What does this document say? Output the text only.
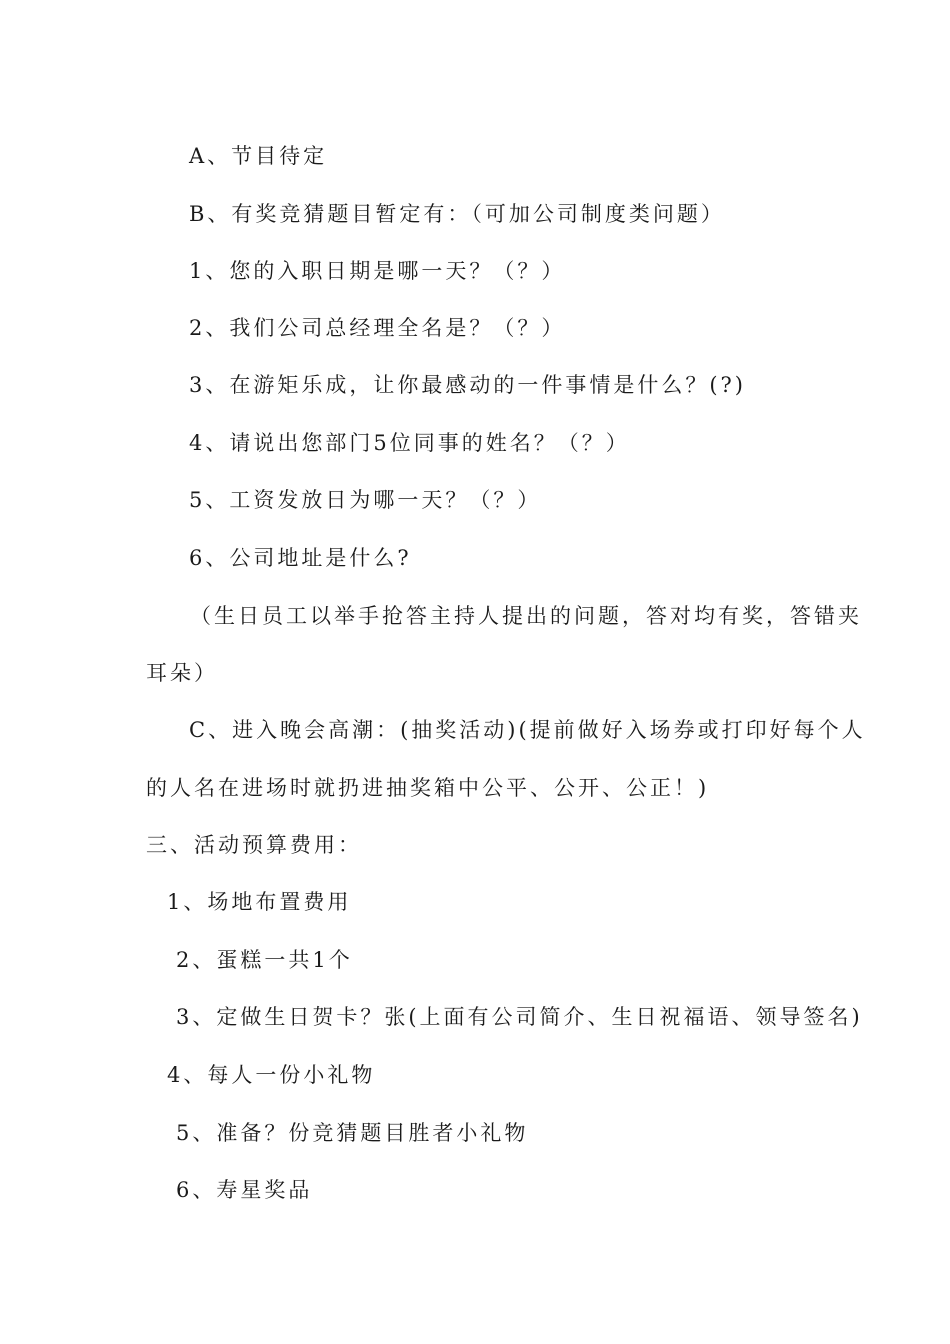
A、节目待定
B、有奖竞猜题目暂定有：（可加公司制度类问题）
1、您的入职日期是哪一天？（？）
2、我们公司总经理全名是？（？）
3、在游矩乐成，让你最感动的一件事情是什么？(?)
4、请说出您部门5位同事的姓名？（？）
5、工资发放日为哪一天？（？）
6、公司地址是什么?
（生日员工以举手抢答主持人提出的问题，答对均有奖，答错夹
耳朵）
C、进入晚会高潮：(抽奖活动)(提前做好入场券或打印好每个人
的人名在进场时就扔进抽奖箱中公平、公开、公正！)
三、活动预算费用：
1、场地布置费用
2、蛋糕一共1个
3、定做生日贺卡？张(上面有公司简介、生日祝福语、领导签名)
4、每人一份小礼物
5、准备？份竞猜题目胜者小礼物
6、寿星奖品
